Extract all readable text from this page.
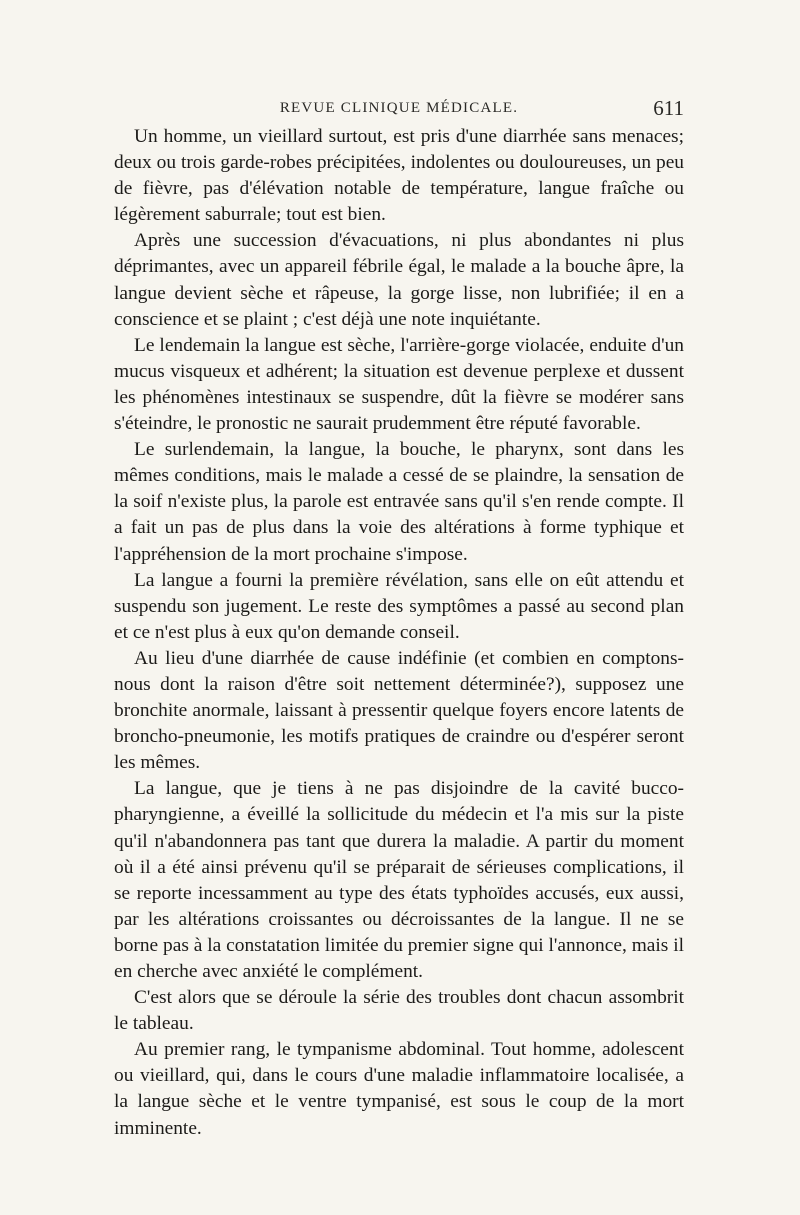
REVUE CLINIQUE MÉDICALE.	611

Un homme, un vieillard surtout, est pris d'une diarrhée sans menaces; deux ou trois garde-robes précipitées, indolentes ou douloureuses, un peu de fièvre, pas d'élévation notable de température, langue fraîche ou légèrement saburrale; tout est bien.

Après une succession d'évacuations, ni plus abondantes ni plus déprimantes, avec un appareil fébrile égal, le malade a la bouche âpre, la langue devient sèche et râpeuse, la gorge lisse, non lubrifiée; il en a conscience et se plaint ; c'est déjà une note inquiétante.

Le lendemain la langue est sèche, l'arrière-gorge violacée, enduite d'un mucus visqueux et adhérent; la situation est devenue perplexe et dussent les phénomènes intestinaux se suspendre, dût la fièvre se modérer sans s'éteindre, le pronostic ne saurait prudemment être réputé favorable.

Le surlendemain, la langue, la bouche, le pharynx, sont dans les mêmes conditions, mais le malade a cessé de se plaindre, la sensation de la soif n'existe plus, la parole est entravée sans qu'il s'en rende compte. Il a fait un pas de plus dans la voie des altérations à forme typhique et l'appréhension de la mort prochaine s'impose.

La langue a fourni la première révélation, sans elle on eût attendu et suspendu son jugement. Le reste des symptômes a passé au second plan et ce n'est plus à eux qu'on demande conseil.

Au lieu d'une diarrhée de cause indéfinie (et combien en comptons-nous dont la raison d'être soit nettement déterminée?), supposez une bronchite anormale, laissant à pressentir quelque foyers encore latents de broncho-pneumonie, les motifs pratiques de craindre ou d'espérer seront les mêmes.

La langue, que je tiens à ne pas disjoindre de la cavité bucco-pharyngienne, a éveillé la sollicitude du médecin et l'a mis sur la piste qu'il n'abandonnera pas tant que durera la maladie. A partir du moment où il a été ainsi prévenu qu'il se préparait de sérieuses complications, il se reporte incessamment au type des états typhoïdes accusés, eux aussi, par les altérations croissantes ou décroissantes de la langue. Il ne se borne pas à la constatation limitée du premier signe qui l'annonce, mais il en cherche avec anxiété le complément.

C'est alors que se déroule la série des troubles dont chacun assombrit le tableau.

Au premier rang, le tympanisme abdominal. Tout homme, adolescent ou vieillard, qui, dans le cours d'une maladie inflammatoire localisée, a la langue sèche et le ventre tympanisé, est sous le coup de la mort imminente.
